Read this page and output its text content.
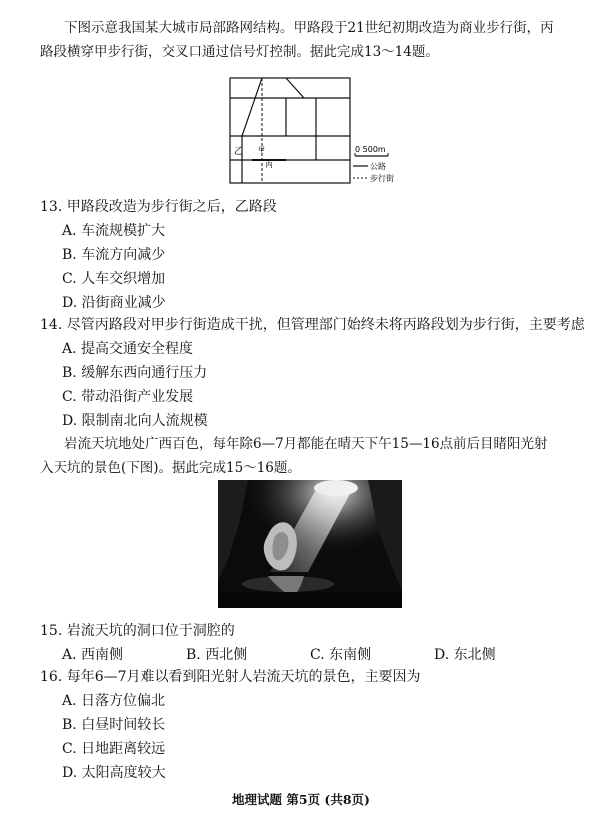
下图示意我国某大城市局部路网结构。甲路段于21世纪初期改造为商业步行街，丙
路段横穿甲步行街，交叉口通过信号灯控制。据此完成13～14题。
乙 甲
丙
0 500m
公路
步行街
13. 甲路段改造为步行街之后，乙路段
A. 车流规模扩大
B. 车流方向减少
C. 人车交织增加
D. 沿街商业减少
14. 尽管丙路段对甲步行街造成干扰，但管理部门始终未将丙路段划为步行街，主要考虑
A. 提高交通安全程度
B. 缓解东西向通行压力
C. 带动沿街产业发展
D. 限制南北向人流规模
岩流天坑地处广西百色，每年除6—7月都能在晴天下午15—16点前后目睹阳光射
入天坑的景色(下图)。据此完成15～16题。
15. 岩流天坑的洞口位于洞腔的
A. 西南侧	B. 西北侧	C. 东南侧	D. 东北侧
16. 每年6—7月难以看到阳光射人岩流天坑的景色，主要因为
A. 日落方位偏北
B. 白昼时间较长
C. 日地距离较远
D. 太阳高度较大
地理试题 第5页 (共8页)
